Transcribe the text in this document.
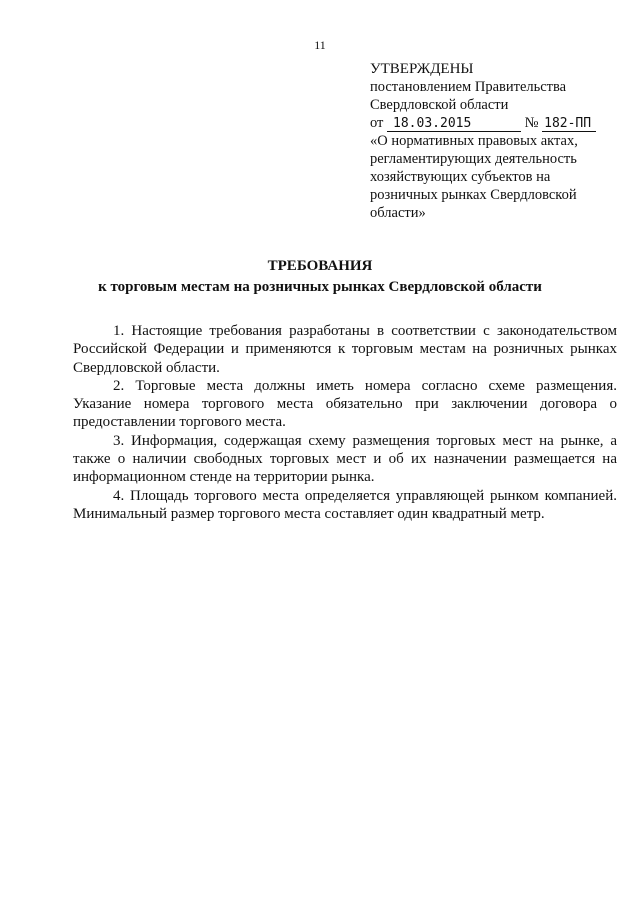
11
УТВЕРЖДЕНЫ
постановлением Правительства
Свердловской области
от 18.03.2015	№ 182-ПП
«О нормативных правовых актах,
регламентирующих деятельность
хозяйствующих субъектов на
розничных рынках Свердловской
области»
ТРЕБОВАНИЯ
к торговым местам на розничных рынках Свердловской области

1. Настоящие требования разработаны в соответствии с законодательством Российской Федерации и применяются к торговым местам на розничных рынках Свердловской области.

2. Торговые места должны иметь номера согласно схеме размещения. Указание номера торгового места обязательно при заключении договора о предоставлении торгового места.

3. Информация, содержащая схему размещения торговых мест на рынке, а также о наличии свободных торговых мест и об их назначении размещается на информационном стенде на территории рынка.

4. Площадь торгового места определяется управляющей рынком компанией. Минимальный размер торгового места составляет один квадратный метр.
